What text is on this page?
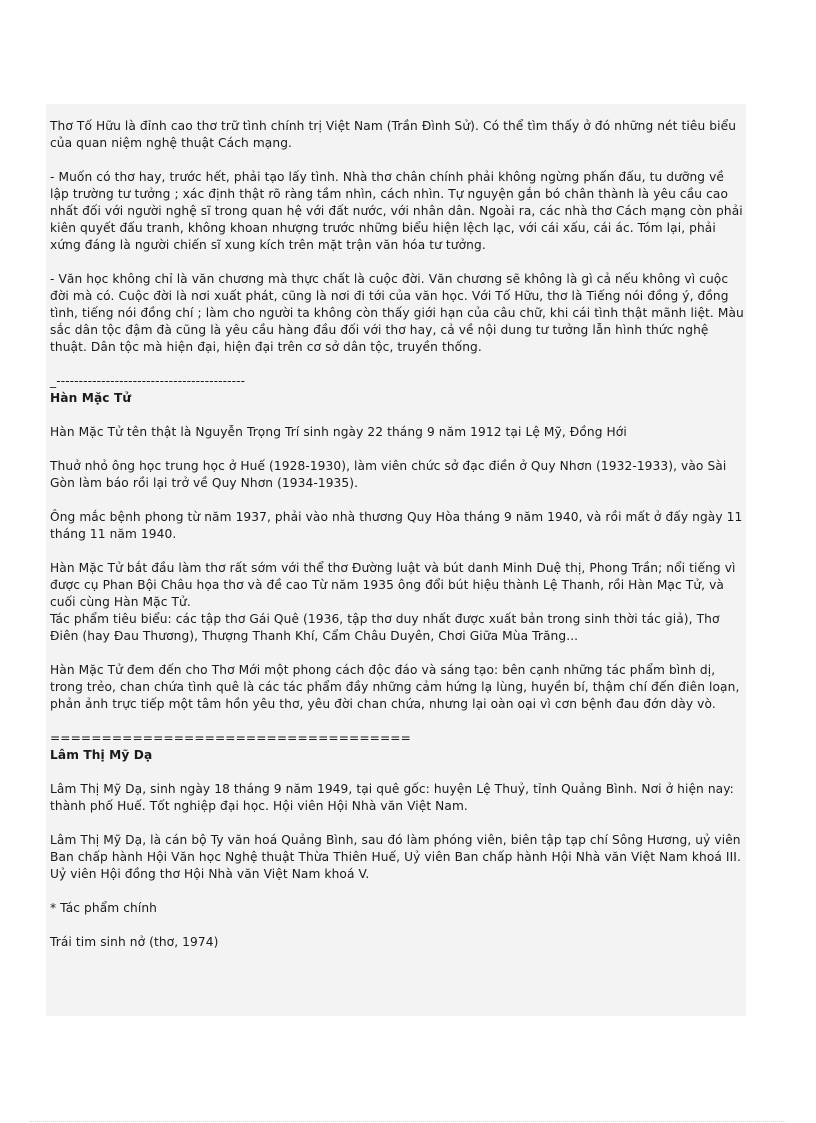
Thơ Tố Hữu là đỉnh cao thơ trữ tình chính trị Việt Nam (Trần Đình Sử). Có thể tìm thấy ở đó những nét tiêu biểu của quan niệm nghệ thuật Cách mạng.

- Muốn có thơ hay, trước hết, phải tạo lấy tình. Nhà thơ chân chính phải không ngừng phấn đấu, tu dưỡng về lập trường tư tưởng ; xác định thật rõ ràng tầm nhìn, cách nhìn. Tự nguyện gắn bó chân thành là yêu cầu cao nhất đối với người nghệ sĩ trong quan hệ với đất nước, với nhân dân. Ngoài ra, các nhà thơ Cách mạng còn phải kiên quyết đấu tranh, không khoan nhượng trước những biểu hiện lệch lạc, với cái xấu, cái ác. Tóm lại, phải xứng đáng là người chiến sĩ xung kích trên mặt trận văn hóa tư tưởng.

- Văn học không chỉ là văn chương mà thực chất là cuộc đời. Văn chương sẽ không là gì cả nếu không vì cuộc đời mà có. Cuộc đời là nơi xuất phát, cũng là nơi đi tới của văn học. Với Tố Hữu, thơ là Tiếng nói đồng ý, đồng tình, tiếng nói đồng chí ; làm cho người ta không còn thấy giới hạn của câu chữ, khi cái tình thật mãnh liệt. Màu sắc dân tộc đậm đà cũng là yêu cầu hàng đầu đối với thơ hay, cả về nội dung tư tưởng lẫn hình thức nghệ thuật. Dân tộc mà hiện đại, hiện đại trên cơ sở dân tộc, truyền thống.

_------------------------------------------
Hàn Mặc Tử

Hàn Mặc Tử tên thật là Nguyễn Trọng Trí sinh ngày 22 tháng 9 năm 1912 tại Lệ Mỹ, Đồng Hới

Thuở nhỏ ông học trung học ở Huế (1928-1930), làm viên chức sở đạc điền ở Quy Nhơn (1932-1933), vào Sài Gòn làm báo rồi lại trở về Quy Nhơn (1934-1935).

Ông mắc bệnh phong từ năm 1937, phải vào nhà thương Quy Hòa tháng 9 năm 1940, và rồi mất ở đấy ngày 11 tháng 11 năm 1940.

Hàn Mặc Tử bắt đầu làm thơ rất sớm với thể thơ Đường luật và bút danh Minh Duệ thị, Phong Trần; nổi tiếng vì được cụ Phan Bội Châu họa thơ và đề cao Từ năm 1935 ông đổi bút hiệu thành Lệ Thanh, rồi Hàn Mạc Tử, và cuối cùng Hàn Mặc Tử.

Tác phẩm tiêu biểu: các tập thơ Gái Quê (1936, tập thơ duy nhất được xuất bản trong sinh thời tác giả), Thơ Điên (hay Đau Thương), Thượng Thanh Khí, Cẩm Châu Duyên, Chơi Giữa Mùa Trăng...

Hàn Mặc Tử đem đến cho Thơ Mới một phong cách độc đáo và sáng tạo: bên cạnh những tác phẩm bình dị, trong trẻo, chan chứa tình quê là các tác phẩm đầy những cảm hứng lạ lùng, huyền bí, thậm chí đến điên loạn, phản ảnh trực tiếp một tâm hồn yêu thơ, yêu đời chan chứa, nhưng lại oàn oại vì cơn bệnh đau đớn dày vò.

===================================
Lâm Thị Mỹ Dạ

Lâm Thị Mỹ Dạ, sinh ngày 18 tháng 9 năm 1949, tại quê gốc: huyện Lệ Thuỷ, tỉnh Quảng Bình. Nơi ở hiện nay: thành phố Huế. Tốt nghiệp đại học. Hội viên Hội Nhà văn Việt Nam.

Lâm Thị Mỹ Dạ, là cán bộ Ty văn hoá Quảng Bình, sau đó làm phóng viên, biên tập tạp chí Sông Hương, uỷ viên Ban chấp hành Hội Văn học Nghệ thuật Thừa Thiên Huế, Uỷ viên Ban chấp hành Hội Nhà văn Việt Nam khoá III. Uỷ viên Hội đồng thơ Hội Nhà văn Việt Nam khoá V.

* Tác phẩm chính

Trái tim sinh nở (thơ, 1974)
